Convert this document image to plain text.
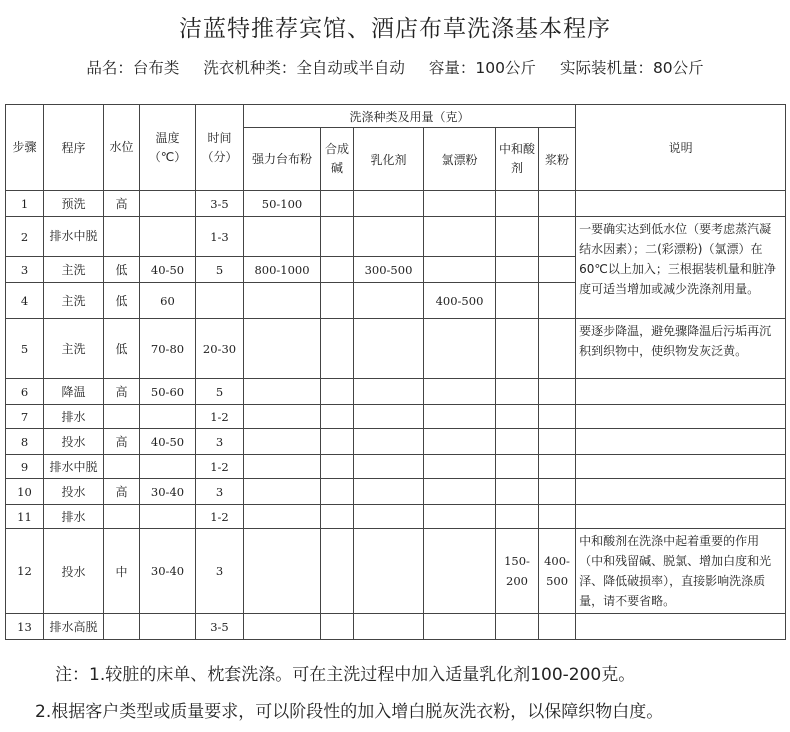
洁蓝特推荐宾馆、酒店布草洗涤基本程序
品名：台布类 洗衣机种类：全自动或半自动 容量：100公斤 实际装机量：80公斤
步骤	程序	水位	温度（℃）	时间（分）	洗涤种类及用量（克）						说明
					强力台布粉	合成碱	乳化剂	氯漂粉	中和酸剂	浆粉	
1	预洗	高		3-5	50-100						
2	排水中脱			1-3							一要确实达到低水位（要考虑蒸汽凝结水因素）；二(彩漂粉)（氯漂）在60℃以上加入；三根据装机量和脏净度可适当增加或减少洗涤剂用量。
3	主洗	低	40-50	5	800-1000		300-500				
4	主洗	低	60					400-500			
5	主洗	低	70-80	20-30							要逐步降温，避免骤降温后污垢再沉积到织物中，使织物发灰泛黄。
6	降温	高	50-60	5							
7	排水			1-2							
8	投水	高	40-50	3							
9	排水中脱			1-2							
10	投水	高	30-40	3							
11	排水			1-2							
12	投水	中	30-40	3					150-200	400-500	中和酸剂在洗涤中起着重要的作用（中和残留碱、脱氯、增加白度和光泽、降低破损率），直接影响洗涤质量，请不要省略。
13	排水高脱			3-5							
注：1.较脏的床单、枕套洗涤。可在主洗过程中加入适量乳化剂100-200克。
2.根据客户类型或质量要求，可以阶段性的加入增白脱灰洗衣粉，以保障织物白度。
